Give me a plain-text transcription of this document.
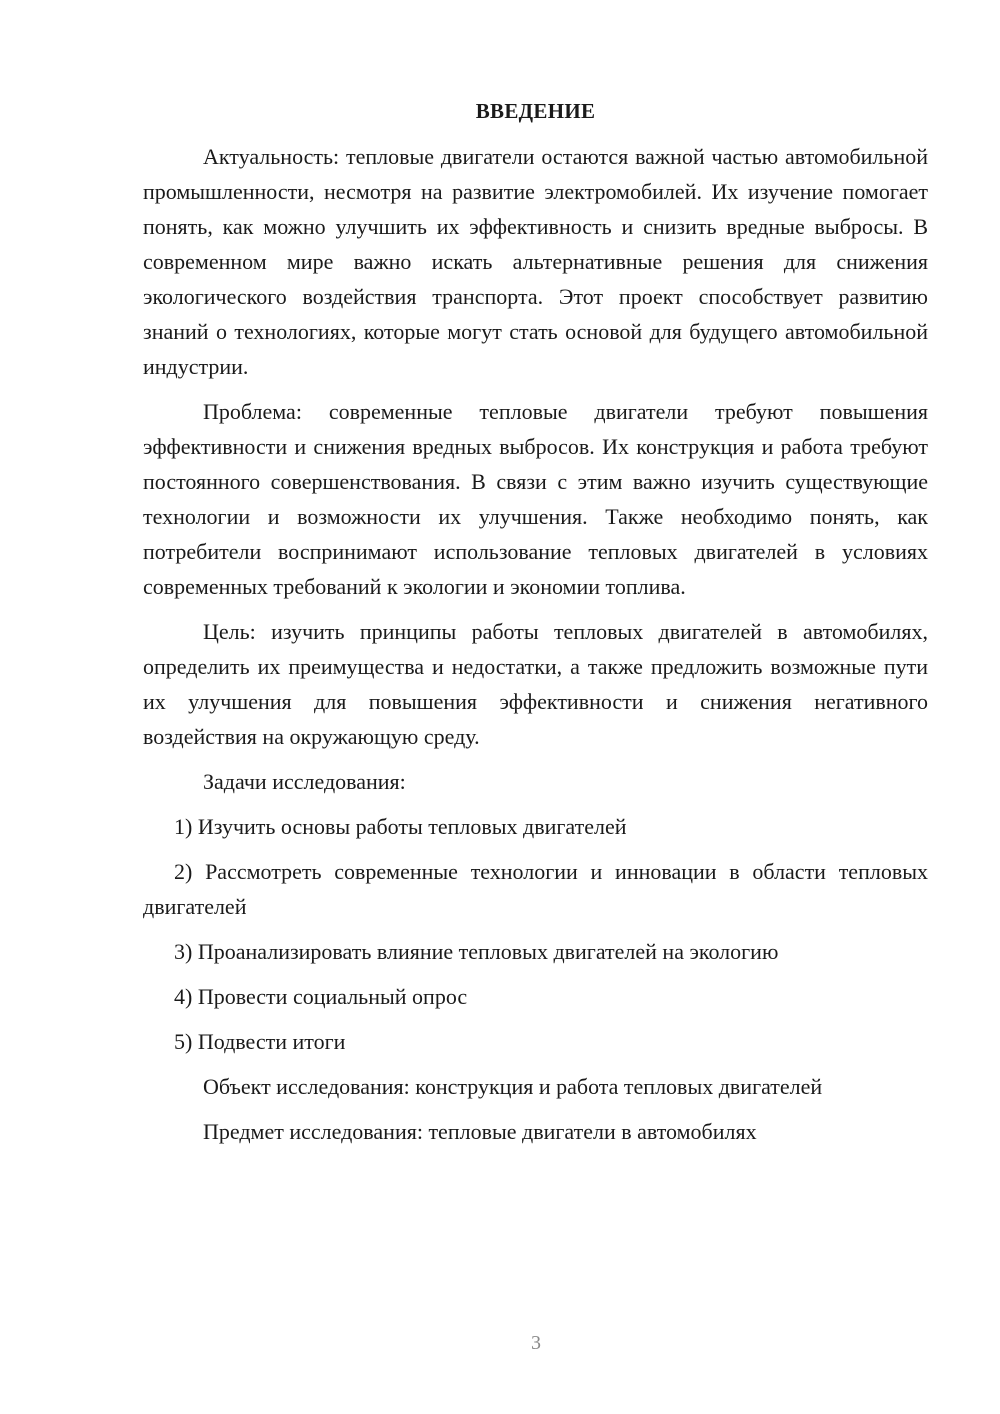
ВВЕДЕНИЕ

Актуальность: тепловые двигатели остаются важной частью автомобильной промышленности, несмотря на развитие электромобилей. Их изучение помогает понять, как можно улучшить их эффективность и снизить вредные выбросы. В современном мире важно искать альтернативные решения для снижения экологического воздействия транспорта. Этот проект способствует развитию знаний о технологиях, которые могут стать основой для будущего автомобильной индустрии.

Проблема: современные тепловые двигатели требуют повышения эффективности и снижения вредных выбросов. Их конструкция и работа требуют постоянного совершенствования. В связи с этим важно изучить существующие технологии и возможности их улучшения. Также необходимо понять, как потребители воспринимают использование тепловых двигателей в условиях современных требований к экологии и экономии топлива.

Цель: изучить принципы работы тепловых двигателей в автомобилях, определить их преимущества и недостатки, а также предложить возможные пути их улучшения для повышения эффективности и снижения негативного воздействия на окружающую среду.

Задачи исследования:

1) Изучить основы работы тепловых двигателей

2) Рассмотреть современные технологии и инновации в области тепловых двигателей

3) Проанализировать влияние тепловых двигателей на экологию

4) Провести социальный опрос

5) Подвести итоги

Объект исследования: конструкция и работа тепловых двигателей

Предмет исследования: тепловые двигатели в автомобилях

3
